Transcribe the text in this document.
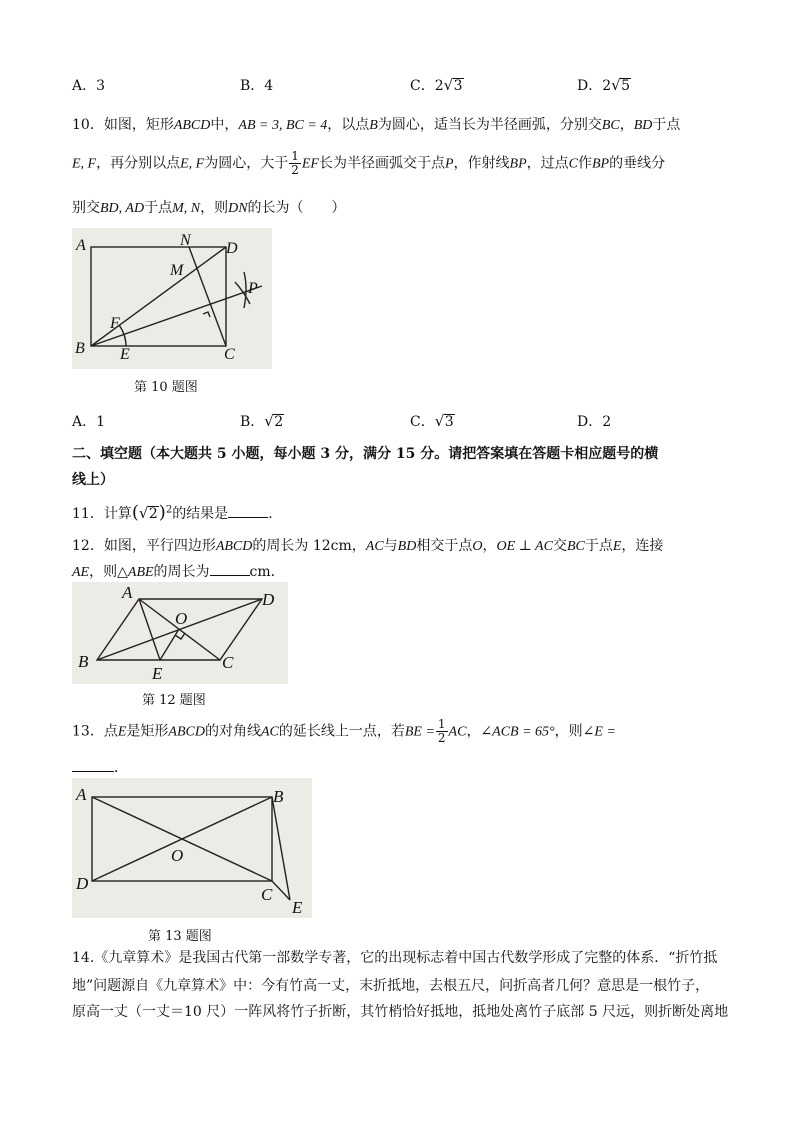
A．3	B．4	C．2 √ 3	D．2 √ 5
10．如图，矩形ABCD中，AB = 3, BC = 4，以点B为圆心，适当长为半径画弧，分别交BC，BD于点
E, F，再分别以点E, F为圆心，大于 $\frac{1}{2}$ EF长为半径画弧交于点P，作射线BP，过点C作BP的垂线分
别交BD, AD于点M, N，则DN的长为（　　）
A	N D
M
P
F
B E	C
第 10 题图
A．1	B． √ 2	C． √ 3	D．2
二、填空题（本大题共 5 小题，每小题 3 分，满分 15 分。请把答案填在答题卡相应题号的横
线上）
11．计算( √ 2)$^2$的结果是	．
12．如图，平行四边形ABCD的周长为 12cm，AC与BD相交于点O，OE ⊥ AC交BC于点E，连接
AE，则△ABE的周长为	cm．
A	D
O
B
E
C
第 12 题图
13．点E是矩形ABCD的对角线AC的延长线上一点，若BE = $\frac{1}{2}$ AC，∠ACB = 65°，则∠E =
．
A	B
O
D
C
E
第 13 题图
14.《九章算术》是我国古代第一部数学专著，它的出现标志着中国古代数学形成了完整的体系．“折竹抵
地”问题源自《九章算术》中：今有竹高一丈，末折抵地，去根五尺，问折高者几何？意思是一根竹子，
原高一丈（一丈＝10 尺）一阵风将竹子折断，其竹梢恰好抵地，抵地处离竹子底部 5 尺远，则折断处离地
